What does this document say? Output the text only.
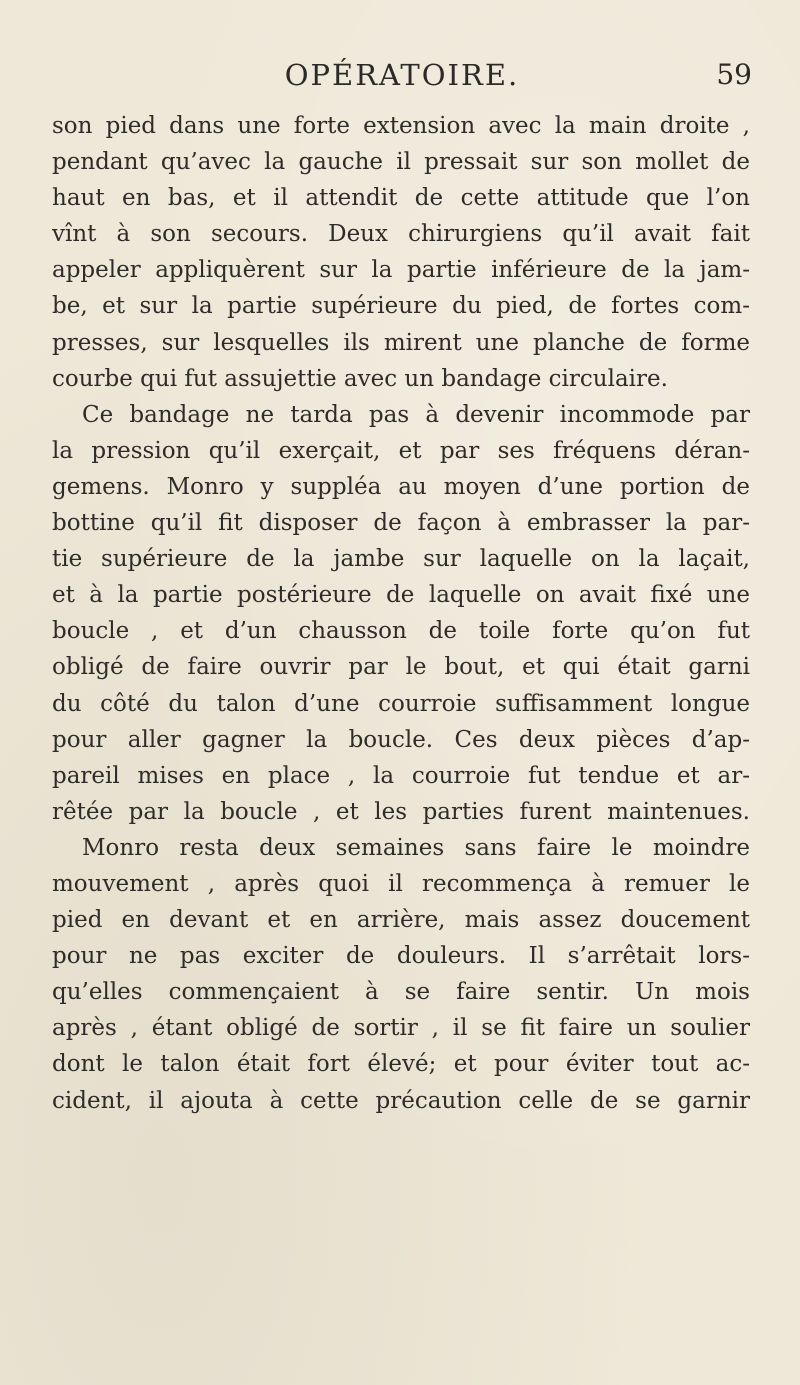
OPÉRATOIRE.	59
son pied dans une forte extension avec la main droite ,
pendant qu’avec la gauche il pressait sur son mollet de
haut en bas, et il attendit de cette attitude que l’on
vînt à son secours. Deux chirurgiens qu’il avait fait
appeler appliquèrent sur la partie inférieure de la jam-
be, et sur la partie supérieure du pied, de fortes com-
presses, sur lesquelles ils mirent une planche de forme
courbe qui fut assujettie avec un bandage circulaire.
Ce bandage ne tarda pas à devenir incommode par
la pression qu’il exerçait, et par ses fréquens déran-
gemens. Monro y suppléa au moyen d’une portion de
bottine qu’il fit disposer de façon à embrasser la par-
tie supérieure de la jambe sur laquelle on la laçait,
et à la partie postérieure de laquelle on avait fixé une
boucle , et d’un chausson de toile forte qu’on fut
obligé de faire ouvrir par le bout, et qui était garni
du côté du talon d’une courroie suffisamment longue
pour aller gagner la boucle. Ces deux pièces d’ap-
pareil mises en place , la courroie fut tendue et ar-
rêtée par la boucle , et les parties furent maintenues.
Monro resta deux semaines sans faire le moindre
mouvement , après quoi il recommença à remuer le
pied en devant et en arrière, mais assez doucement
pour ne pas exciter de douleurs. Il s’arrêtait lors-
qu’elles commençaient à se faire sentir. Un mois
après , étant obligé de sortir , il se fit faire un soulier
dont le talon était fort élevé; et pour éviter tout ac-
cident, il ajouta à cette précaution celle de se garnir
